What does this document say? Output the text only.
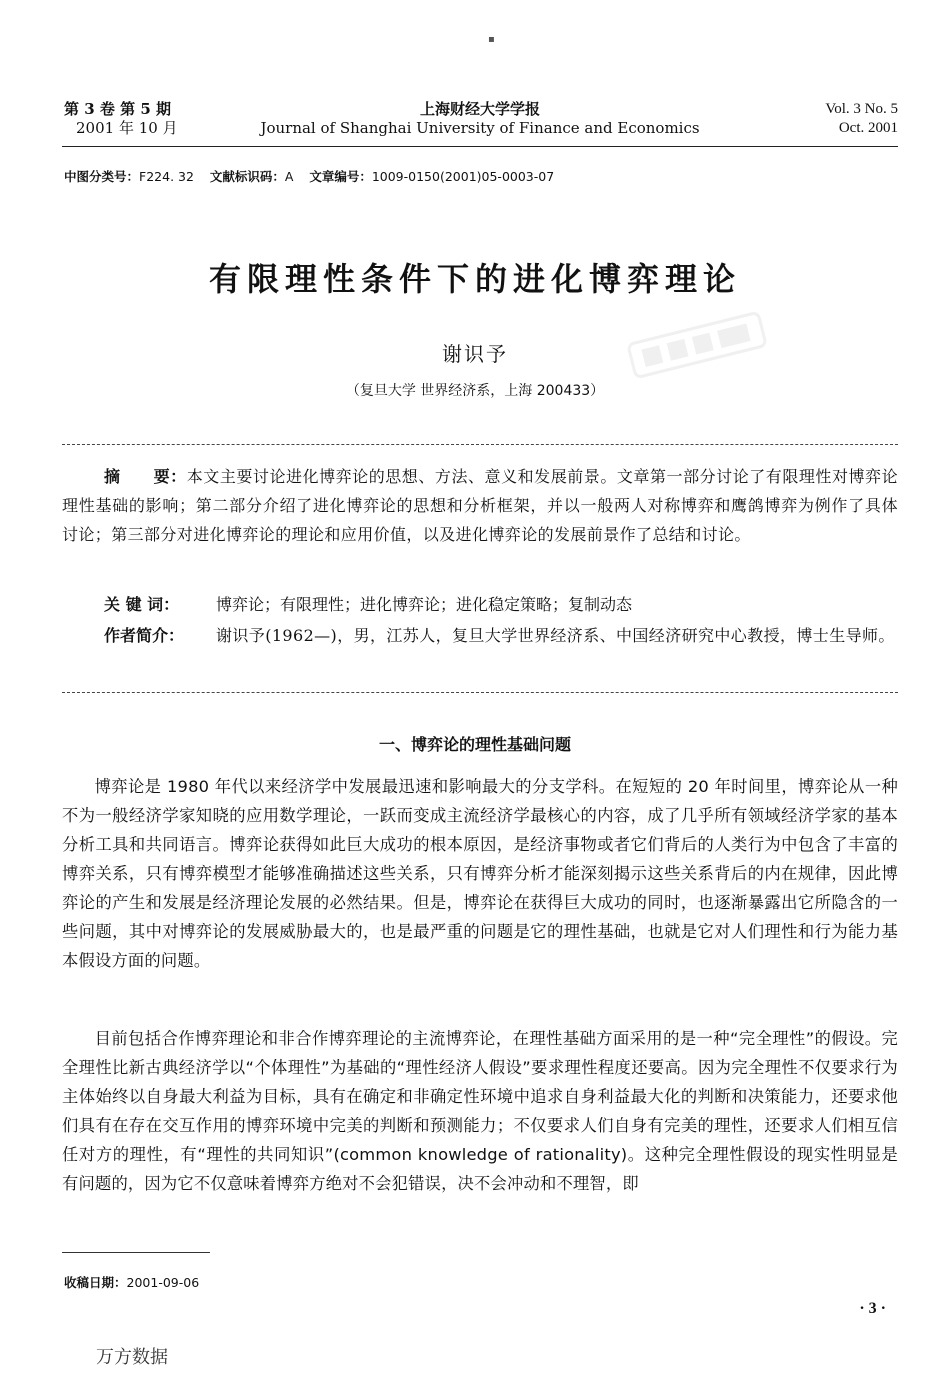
▪
第 3 卷 第 5 期
2001 年 10 月
上海财经大学学报
Journal of Shanghai University of Finance and Economics
Vol. 3 No. 5
Oct. 2001
中图分类号：F224. 32 文献标识码：A 文章编号：1009-0150(2001)05-0003-07
有限理性条件下的进化博弈理论
谢识予
（复旦大学 世界经济系，上海 200433）
摘　　要：本文主要讨论进化博弈论的思想、方法、意义和发展前景。文章第一部分讨论了有限理性对博弈论理性基础的影响；第二部分介绍了进化博弈论的思想和分析框架，并以一般两人对称博弈和鹰鸽博弈为例作了具体讨论；第三部分对进化博弈论的理论和应用价值，以及进化博弈论的发展前景作了总结和讨论。
关 键 词： 博弈论；有限理性；进化博弈论；进化稳定策略；复制动态
作者简介： 谢识予(1962—)，男，江苏人，复旦大学世界经济系、中国经济研究中心教授，博士生导师。
一、博弈论的理性基础问题

博弈论是 1980 年代以来经济学中发展最迅速和影响最大的分支学科。在短短的 20 年时间里，博弈论从一种不为一般经济学家知晓的应用数学理论，一跃而变成主流经济学最核心的内容，成了几乎所有领域经济学家的基本分析工具和共同语言。博弈论获得如此巨大成功的根本原因，是经济事物或者它们背后的人类行为中包含了丰富的博弈关系，只有博弈模型才能够准确描述这些关系，只有博弈分析才能深刻揭示这些关系背后的内在规律，因此博弈论的产生和发展是经济理论发展的必然结果。但是，博弈论在获得巨大成功的同时，也逐渐暴露出它所隐含的一些问题，其中对博弈论的发展威胁最大的，也是最严重的问题是它的理性基础，也就是它对人们理性和行为能力基本假设方面的问题。

目前包括合作博弈理论和非合作博弈理论的主流博弈论，在理性基础方面采用的是一种“完全理性”的假设。完全理性比新古典经济学以“个体理性”为基础的“理性经济人假设”要求理性程度还要高。因为完全理性不仅要求行为主体始终以自身最大利益为目标，具有在确定和非确定性环境中追求自身利益最大化的判断和决策能力，还要求他们具有在存在交互作用的博弈环境中完美的判断和预测能力；不仅要求人们自身有完美的理性，还要求人们相互信任对方的理性，有“理性的共同知识”(common knowledge of rationality)。这种完全理性假设的现实性明显是有问题的，因为它不仅意味着博弈方绝对不会犯错误，决不会冲动和不理智，即

收稿日期：2001-09-06
· 3 ·
万方数据
